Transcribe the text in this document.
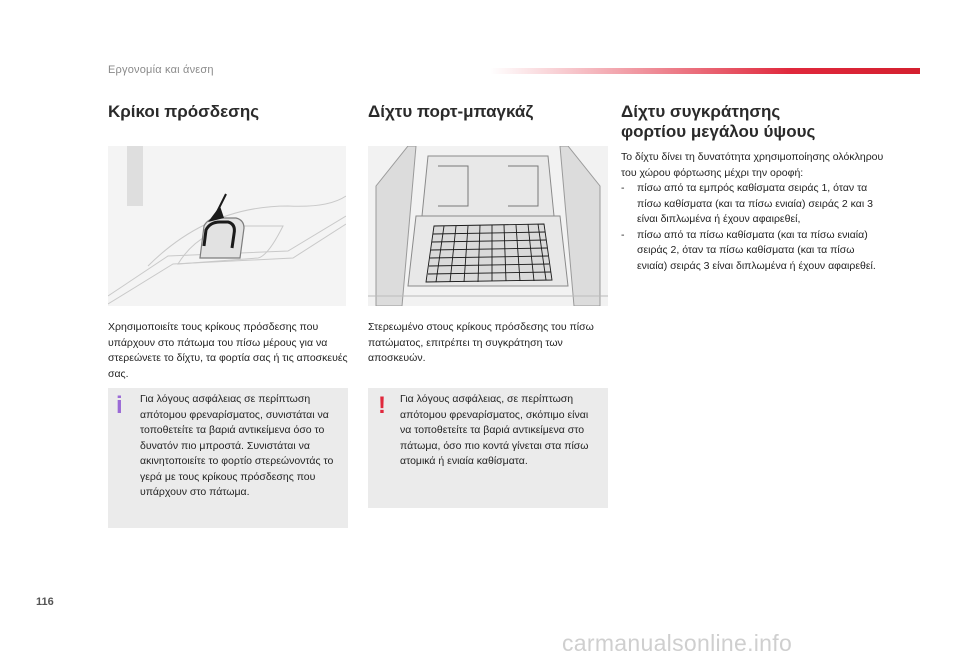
Εργονομία και άνεση
Κρίκοι πρόσδεσης
Χρησιμοποιείτε τους κρίκους πρόσδεσης που υπάρχουν στο πάτωμα του πίσω μέρους για να στερεώνετε το δίχτυ, τα φορτία σας ή τις αποσκευές σας.
i	Για λόγους ασφάλειας σε περίπτωση απότομου φρεναρίσματος, συνιστάται να τοποθετείτε τα βαριά αντικείμενα όσο το δυνατόν πιο μπροστά. Συνιστάται να ακινητοποιείτε το φορτίο στερεώνοντάς το γερά με τους κρίκους πρόσδεσης που υπάρχουν στο πάτωμα.
Δίχτυ πορτ-μπαγκάζ
Στερεωμένο στους κρίκους πρόσδεσης του πίσω πατώματος, επιτρέπει τη συγκράτηση των αποσκευών.
!	Για λόγους ασφάλειας, σε περίπτωση απότομου φρεναρίσματος, σκόπιμο είναι να τοποθετείτε τα βαριά αντικείμενα στο πάτωμα, όσο πιο κοντά γίνεται στα πίσω ατομικά ή ενιαία καθίσματα.
Δίχτυ συγκράτησης
φορτίου μεγάλου ύψους
Το δίχτυ δίνει τη δυνατότητα χρησιμοποίησης ολόκληρου του χώρου φόρτωσης μέχρι την οροφή:
- πίσω από τα εμπρός καθίσματα σειράς 1, όταν τα πίσω καθίσματα (και τα πίσω ενιαία) σειράς 2 και 3 είναι διπλωμένα ή έχουν αφαιρεθεί,
- πίσω από τα πίσω καθίσματα (και τα πίσω ενιαία) σειράς 2, όταν τα πίσω καθίσματα (και τα πίσω ενιαία) σειράς 3 είναι διπλωμένα ή έχουν αφαιρεθεί.
116
carmanualsonline.info
